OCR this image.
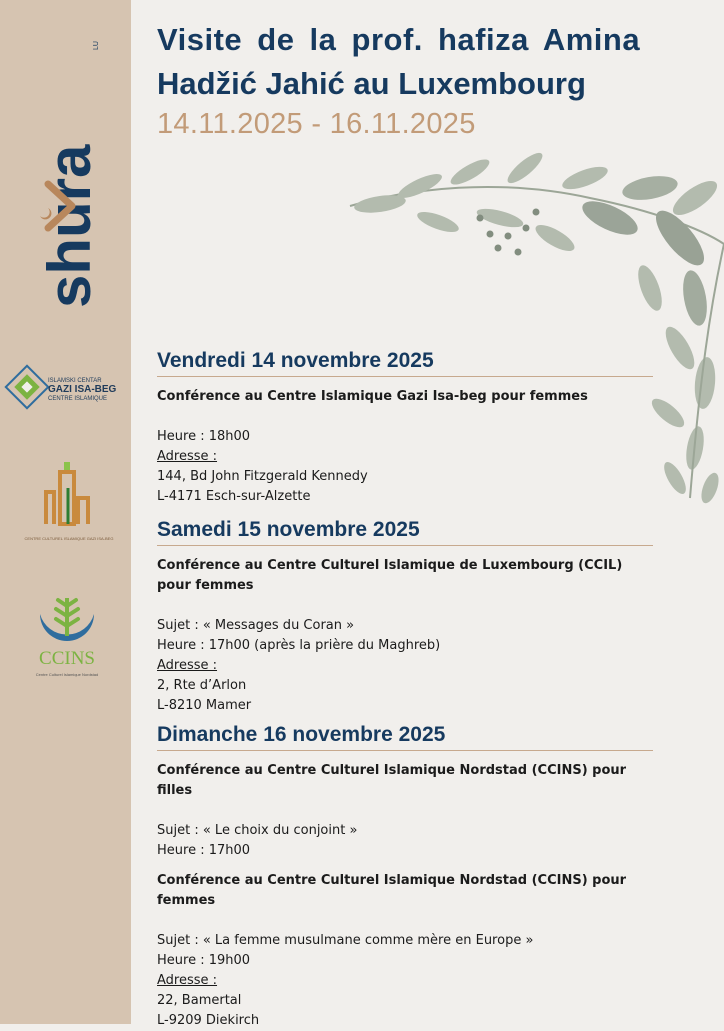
shura
LU
ISLAMSKI CENTAR
GAZI ISA-BEG
CENTRE ISLAMIQUE
CENTRE CULTUREL ISLAMIQUE GAZI ISA-BEG
CCINS
Centre Culturel Islamique Nordstad
Visite de la prof. hafiza Amina
Hadžić Jahić au Luxembourg
14.11.2025 - 16.11.2025
Vendredi 14 novembre 2025

Conférence au Centre Islamique Gazi Isa-beg pour femmes

Heure : 18h00

Adresse :

144, Bd John Fitzgerald Kennedy

L-4171 Esch-sur-Alzette

Samedi 15 novembre 2025

Conférence au Centre Culturel Islamique de Luxembourg (CCIL)
pour femmes

Sujet : « Messages du Coran »

Heure : 17h00 (après la prière du Maghreb)

Adresse :

2, Rte d’Arlon

L-8210 Mamer

Dimanche 16 novembre 2025

Conférence au Centre Culturel Islamique Nordstad (CCINS) pour filles

Sujet : « Le choix du conjoint »

Heure : 17h00

Conférence au Centre Culturel Islamique Nordstad (CCINS) pour
femmes

Sujet : « La femme musulmane comme mère en Europe »

Heure : 19h00

Adresse :

22, Bamertal

L-9209 Diekirch
